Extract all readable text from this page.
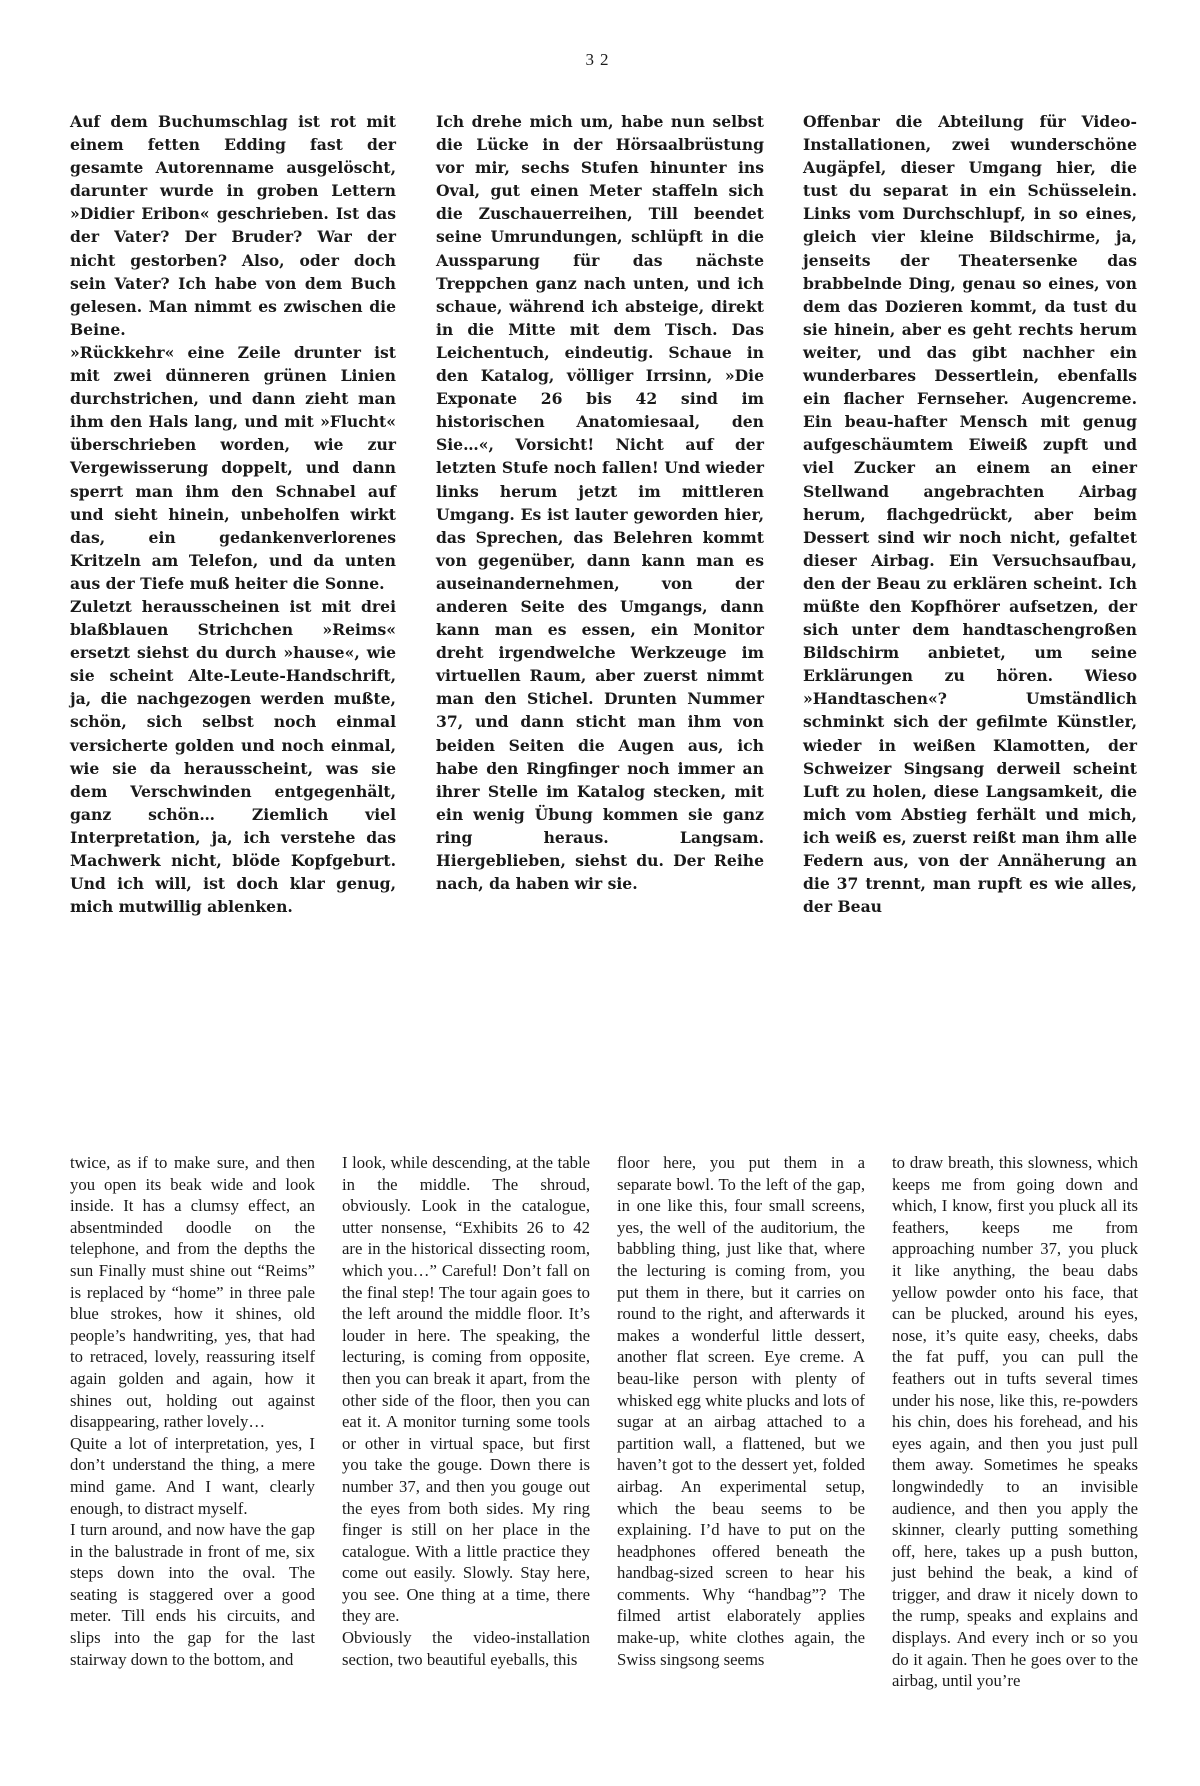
32

Auf dem Buchumschlag ist rot mit einem fetten Edding fast der gesamte Autorenname ausgelöscht, darunter wurde in groben Lettern »Didier Eribon« geschrieben. Ist das der Vater? Der Bruder? War der nicht gestorben? Also, oder doch sein Vater? Ich habe von dem Buch gelesen. Man nimmt es zwischen die Beine.

»Rückkehr« eine Zeile drunter ist mit zwei dünneren grünen Linien durchstrichen, und dann zieht man ihm den Hals lang, und mit »Flucht« überschrieben worden, wie zur Vergewisserung doppelt, und dann sperrt man ihm den Schnabel auf und sieht hinein, unbeholfen wirkt das, ein gedankenverlorenes Kritzeln am Telefon, und da unten aus der Tiefe muß heiter die Sonne.

Zuletzt herausscheinen ist mit drei blaßblauen Strichchen »Reims« ersetzt siehst du durch »hause«, wie sie scheint Alte-Leute-Handschrift, ja, die nachgezogen werden mußte, schön, sich selbst noch einmal versicherte golden und noch einmal, wie sie da herausscheint, was sie dem Verschwinden entgegenhält, ganz schön… Ziemlich viel Interpretation, ja, ich verstehe das Machwerk nicht, blöde Kopfgeburt. Und ich will, ist doch klar genug, mich mutwillig ablenken.

Ich drehe mich um, habe nun selbst die Lücke in der Hörsaalbrüstung vor mir, sechs Stufen hinunter ins Oval, gut einen Meter staffeln sich die Zuschauerreihen, Till beendet seine Umrundungen, schlüpft in die Aussparung für das nächste Treppchen ganz nach unten, und ich schaue, während ich absteige, direkt in die Mitte mit dem Tisch. Das Leichentuch, eindeutig. Schaue in den Katalog, völliger Irrsinn, »Die Exponate 26 bis 42 sind im historischen Anatomiesaal, den Sie…«, Vorsicht! Nicht auf der letzten Stufe noch fallen! Und wieder links herum jetzt im mittleren Umgang. Es ist lauter geworden hier, das Sprechen, das Belehren kommt von gegenüber, dann kann man es auseinandernehmen, von der anderen Seite des Umgangs, dann kann man es essen, ein Monitor dreht irgendwelche Werkzeuge im virtuellen Raum, aber zuerst nimmt man den Stichel. Drunten Nummer 37, und dann sticht man ihm von beiden Seiten die Augen aus, ich habe den Ringfinger noch immer an ihrer Stelle im Katalog stecken, mit ein wenig Übung kommen sie ganz ring heraus. Langsam. Hiergeblieben, siehst du. Der Reihe nach, da haben wir sie.

Offenbar die Abteilung für Video-Installationen, zwei wunderschöne Augäpfel, dieser Umgang hier, die tust du separat in ein Schüsselein. Links vom Durchschlupf, in so eines, gleich vier kleine Bildschirme, ja, jenseits der Theatersenke das brabbelnde Ding, genau so eines, von dem das Dozieren kommt, da tust du sie hinein, aber es geht rechts herum weiter, und das gibt nachher ein wunderbares Dessertlein, ebenfalls ein flacher Fernseher. Augencreme. Ein beau-hafter Mensch mit genug aufgeschäumtem Eiweiß zupft und viel Zucker an einem an einer Stellwand angebrachten Airbag herum, flachgedrückt, aber beim Dessert sind wir noch nicht, gefaltet dieser Airbag. Ein Versuchsaufbau, den der Beau zu erklären scheint. Ich müßte den Kopfhörer aufsetzen, der sich unter dem handtaschengroßen Bildschirm anbietet, um seine Erklärungen zu hören. Wieso »Handtaschen«? Umständlich schminkt sich der gefilmte Künstler, wieder in weißen Klamotten, der Schweizer Singsang derweil scheint Luft zu holen, diese Langsamkeit, die mich vom Abstieg ferhält und mich, ich weiß es, zuerst reißt man ihm alle Federn aus, von der Annäherung an die 37 trennt, man rupft es wie alles, der Beau

twice, as if to make sure, and then you open its beak wide and look inside. It has a clumsy effect, an absentminded doodle on the telephone, and from the depths the sun Finally must shine out “Reims” is replaced by “home” in three pale blue strokes, how it shines, old people’s handwriting, yes, that had to retraced, lovely, reassuring itself again golden and again, how it shines out, holding out against disappearing, rather lovely…

Quite a lot of interpretation, yes, I don’t understand the thing, a mere mind game. And I want, clearly enough, to distract myself.

I turn around, and now have the gap in the balustrade in front of me, six steps down into the oval. The seating is staggered over a good meter. Till ends his circuits, and slips into the gap for the last stairway down to the bottom, and

I look, while descending, at the table in the middle. The shroud, obviously. Look in the catalogue, utter nonsense, “Exhibits 26 to 42 are in the historical dissecting room, which you…” Careful! Don’t fall on the final step! The tour again goes to the left around the middle floor. It’s louder in here. The speaking, the lecturing, is coming from opposite, then you can break it apart, from the other side of the floor, then you can eat it. A monitor turning some tools or other in virtual space, but first you take the gouge. Down there is number 37, and then you gouge out the eyes from both sides. My ring finger is still on her place in the catalogue. With a little practice they come out easily. Slowly. Stay here, you see. One thing at a time, there they are.

Obviously the video-installation section, two beautiful eyeballs, this

floor here, you put them in a separate bowl. To the left of the gap, in one like this, four small screens, yes, the well of the auditorium, the babbling thing, just like that, where the lecturing is coming from, you put them in there, but it carries on round to the right, and afterwards it makes a wonderful little dessert, another flat screen. Eye creme. A beau-like person with plenty of whisked egg white plucks and lots of sugar at an airbag attached to a partition wall, a flattened, but we haven’t got to the dessert yet, folded airbag. An experimental setup, which the beau seems to be explaining. I’d have to put on the headphones offered beneath the handbag-sized screen to hear his comments. Why “handbag”? The filmed artist elaborately applies make-up, white clothes again, the Swiss singsong seems

to draw breath, this slowness, which keeps me from going down and which, I know, first you pluck all its feathers, keeps me from approaching number 37, you pluck it like anything, the beau dabs yellow powder onto his face, that can be plucked, around his eyes, nose, it’s quite easy, cheeks, dabs the fat puff, you can pull the feathers out in tufts several times under his nose, like this, re-powders his chin, does his forehead, and his eyes again, and then you just pull them away. Sometimes he speaks longwindedly to an invisible audience, and then you apply the skinner, clearly putting something off, here, takes up a push button, just behind the beak, a kind of trigger, and draw it nicely down to the rump, speaks and explains and displays. And every inch or so you do it again. Then he goes over to the airbag, until you’re
